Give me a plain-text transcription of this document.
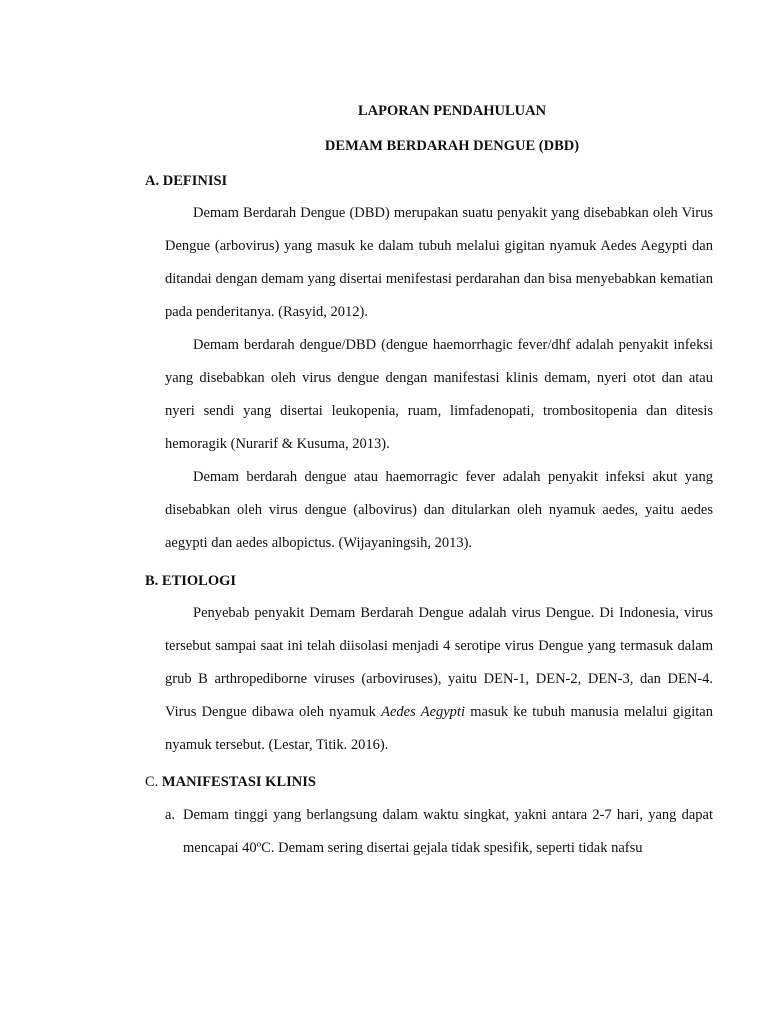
LAPORAN PENDAHULUAN

DEMAM BERDARAH DENGUE (DBD)

A. DEFINISI

Demam Berdarah Dengue (DBD) merupakan suatu penyakit yang disebabkan oleh Virus Dengue (arbovirus) yang masuk ke dalam tubuh melalui gigitan nyamuk Aedes Aegypti dan ditandai dengan demam yang disertai menifestasi perdarahan dan bisa menyebabkan kematian pada penderitanya. (Rasyid, 2012).

Demam berdarah dengue/DBD (dengue haemorrhagic fever/dhf adalah penyakit infeksi yang disebabkan oleh virus dengue dengan manifestasi klinis demam, nyeri otot dan atau nyeri sendi yang disertai leukopenia, ruam, limfadenopati, trombositopenia dan ditesis hemoragik (Nurarif & Kusuma, 2013).

Demam berdarah dengue atau haemorragic fever adalah penyakit infeksi akut yang disebabkan oleh virus dengue (albovirus) dan ditularkan oleh nyamuk aedes, yaitu aedes aegypti dan aedes albopictus. (Wijayaningsih, 2013).

B. ETIOLOGI

Penyebab penyakit Demam Berdarah Dengue adalah virus Dengue. Di Indonesia, virus tersebut sampai saat ini telah diisolasi menjadi 4 serotipe virus Dengue yang termasuk dalam grub B arthropediborne viruses (arboviruses), yaitu DEN-1, DEN-2, DEN-3, dan DEN-4. Virus Dengue dibawa oleh nyamuk Aedes Aegypti masuk ke tubuh manusia melalui gigitan nyamuk tersebut. (Lestar, Titik. 2016).

C. MANIFESTASI KLINIS

a. Demam tinggi yang berlangsung dalam waktu singkat, yakni antara 2-7 hari, yang dapat mencapai 40ºC. Demam sering disertai gejala tidak spesifik, seperti tidak nafsu
